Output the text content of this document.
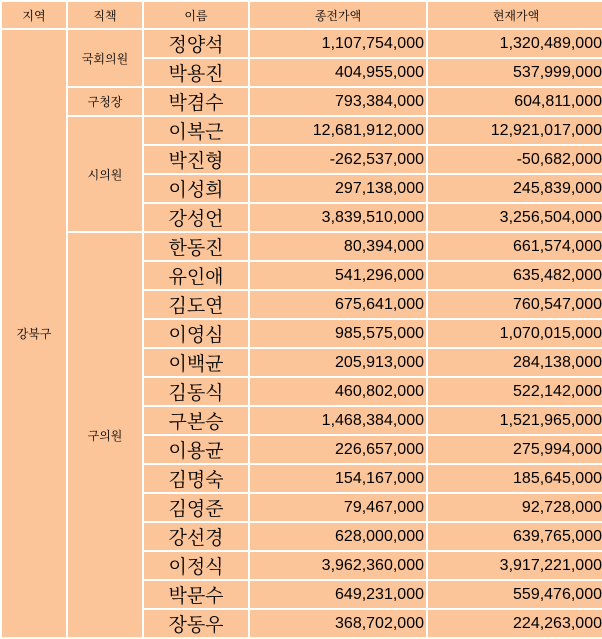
지역	직책	이름	종전가액	현재가액
강북구	국회의원	정양석	1,107,754,000	1,320,489,000
		박용진	404,955,000	537,999,000
	구청장	박겸수	793,384,000	604,811,000
	시의원	이복근	12,681,912,000	12,921,017,000
		박진형	-262,537,000	-50,682,000
		이성희	297,138,000	245,839,000
		강성언	3,839,510,000	3,256,504,000
	구의원	한동진	80,394,000	661,574,000
		유인애	541,296,000	635,482,000
		김도연	675,641,000	760,547,000
		이영심	985,575,000	1,070,015,000
		이백균	205,913,000	284,138,000
		김동식	460,802,000	522,142,000
		구본승	1,468,384,000	1,521,965,000
		이용균	226,657,000	275,994,000
		김명숙	154,167,000	185,645,000
		김영준	79,467,000	92,728,000
		강선경	628,000,000	639,765,000
		이정식	3,962,360,000	3,917,221,000
		박문수	649,231,000	559,476,000
		장동우	368,702,000	224,263,000
